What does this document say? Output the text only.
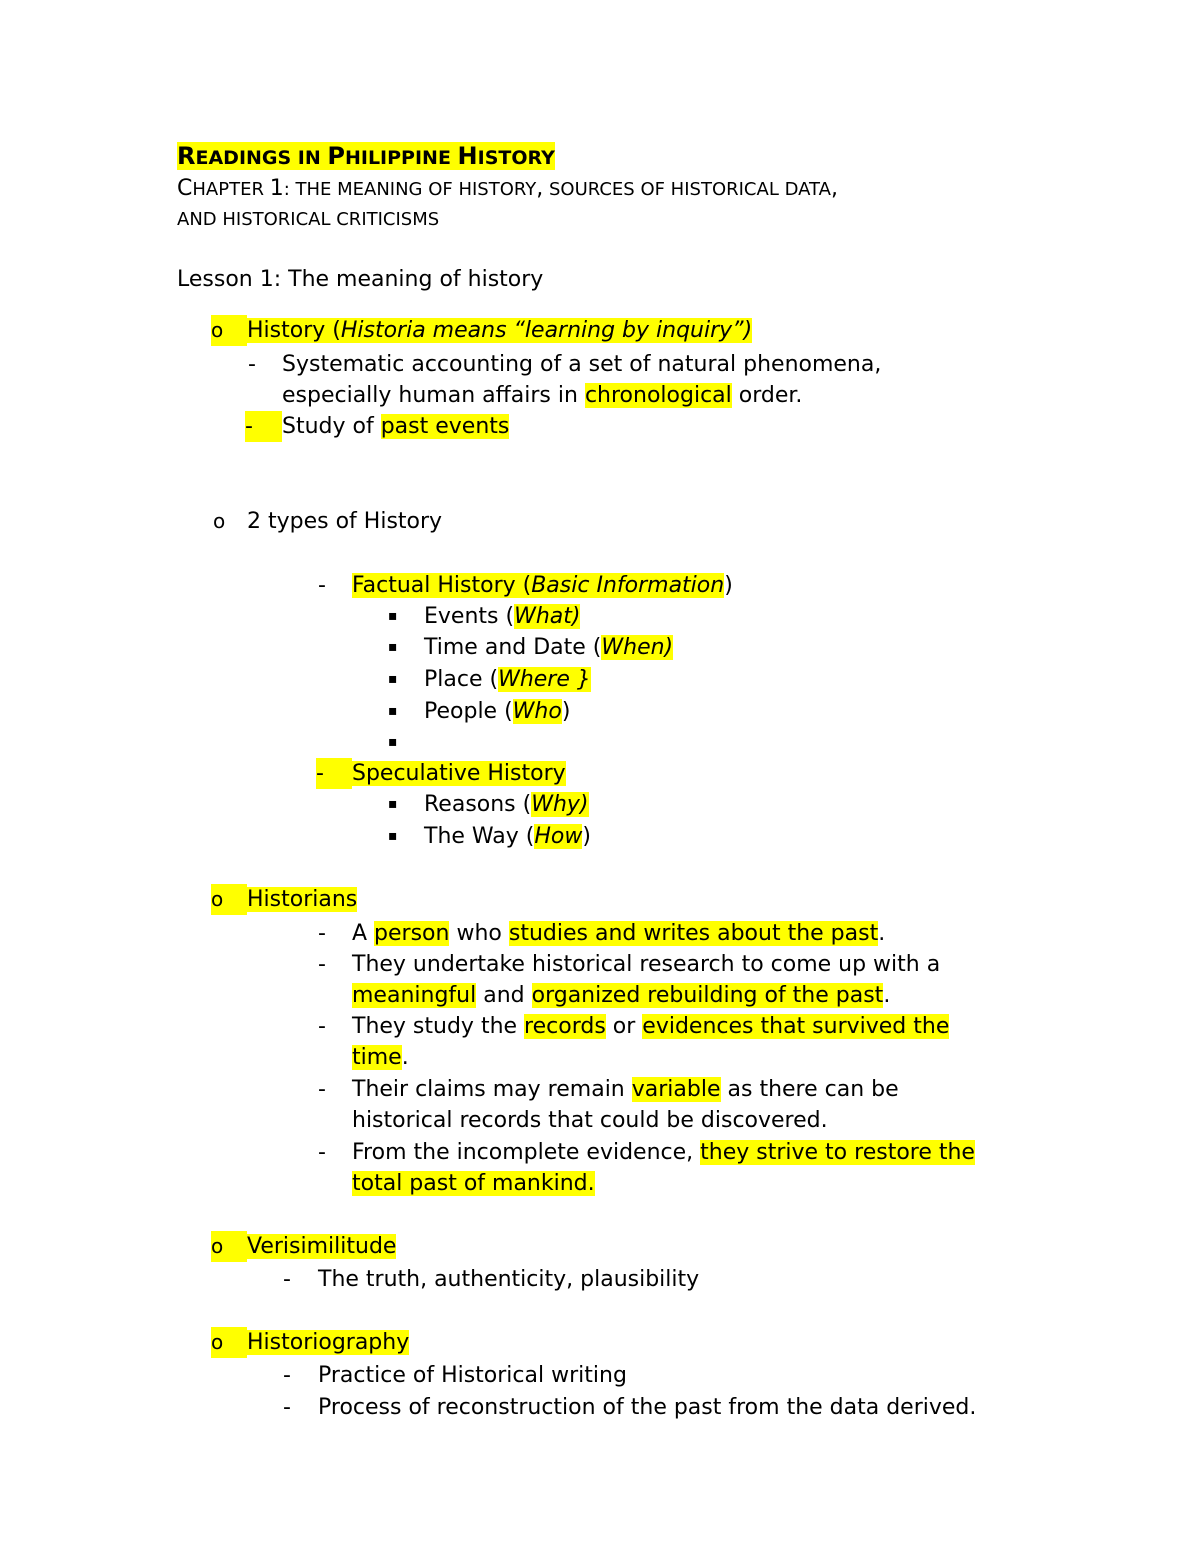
READINGS IN PHILIPPINE HISTORY
CHAPTER 1: THE MEANING OF HISTORY, SOURCES OF HISTORICAL DATA,
AND HISTORICAL CRITICISMS
Lesson 1: The meaning of history
o	History (Historia means “learning by inquiry”)
- Systematic accounting of a set of natural phenomena,
especially human affairs in chronological order.
-	Study of past events
o 2 types of History
- Factual History (Basic Information)
▪ Events (What)
▪ Time and Date (When)
▪ Place (Where }
▪ People (Who)
▪
-	Speculative History
▪ Reasons (Why)
▪ The Way (How)
o	Historians
- A person who studies and writes about the past.
- They undertake historical research to come up with a
meaningful and organized rebuilding of the past.
- They study the records or evidences that survived the
time.
- Their claims may remain variable as there can be
historical records that could be discovered.
- From the incomplete evidence, they strive to restore the
total past of mankind.
o	Verisimilitude
- The truth, authenticity, plausibility
o	Historiography
- Practice of Historical writing
- Process of reconstruction of the past from the data derived.
